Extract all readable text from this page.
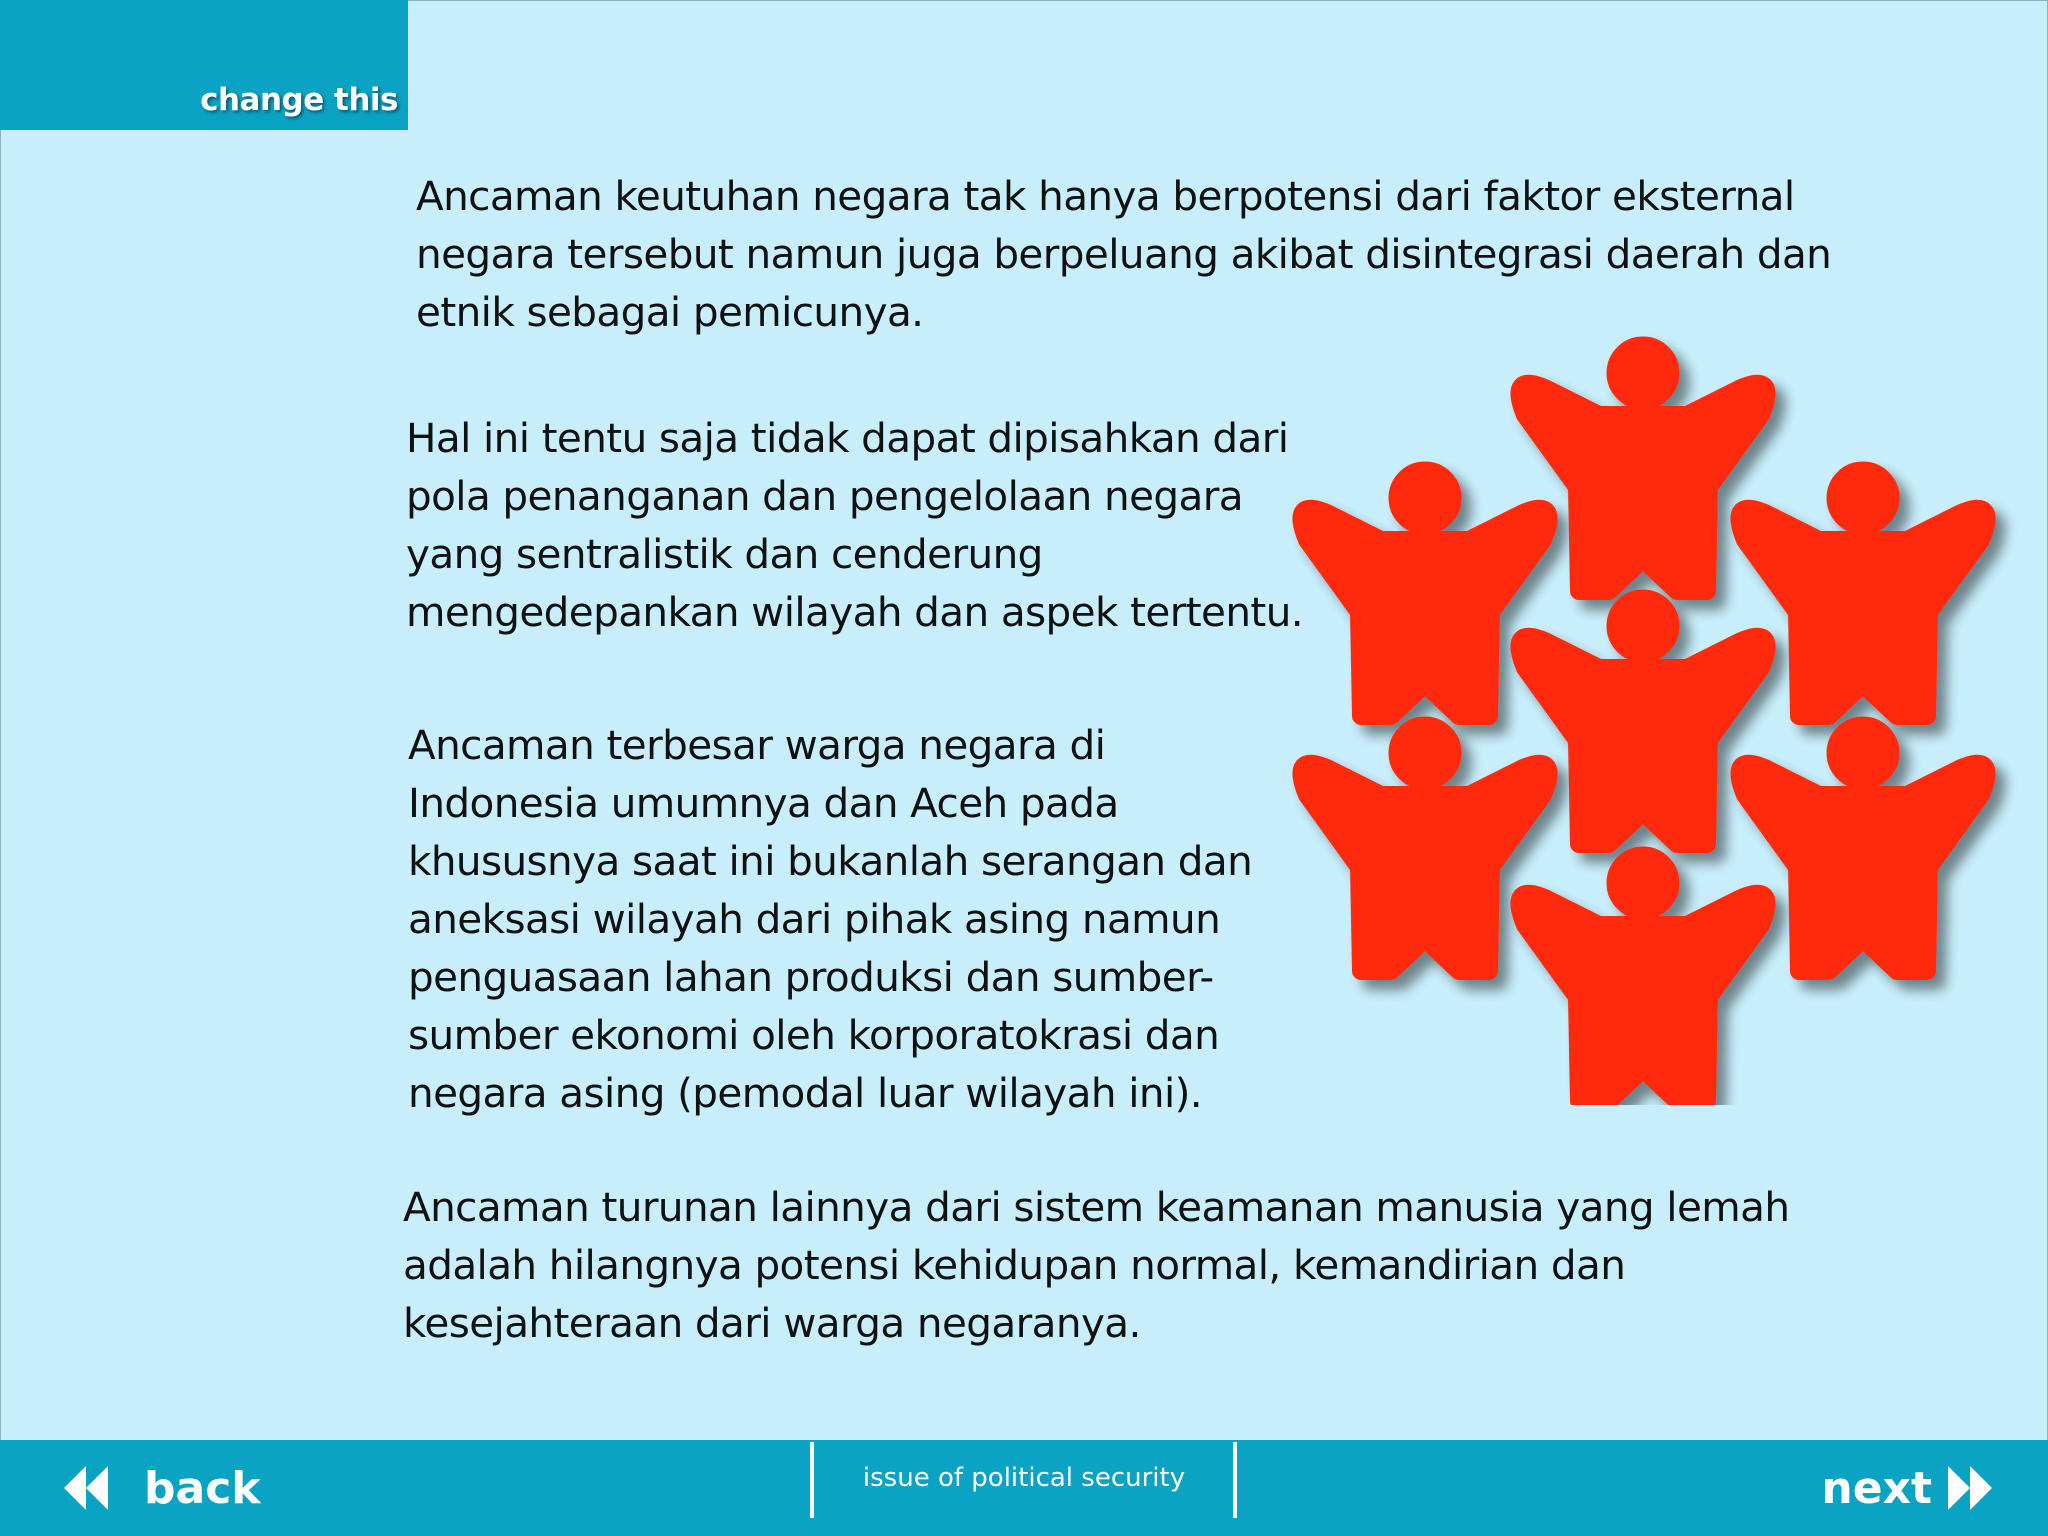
change this

Ancaman keutuhan negara tak hanya berpotensi dari faktor eksternal
negara tersebut namun juga berpeluang akibat disintegrasi daerah dan
etnik sebagai pemicunya.

Hal ini tentu saja tidak dapat dipisahkan dari
pola penanganan dan pengelolaan negara
yang sentralistik dan cenderung
mengedepankan wilayah dan aspek tertentu.

Ancaman terbesar warga negara di
Indonesia umumnya dan Aceh pada
khususnya saat ini bukanlah serangan dan
aneksasi wilayah dari pihak asing namun
penguasaan lahan produksi dan sumber-
sumber ekonomi oleh korporatokrasi dan
negara asing (pemodal luar wilayah ini).

Ancaman turunan lainnya dari sistem keamanan manusia yang lemah
adalah hilangnya potensi kehidupan normal, kemandirian dan
kesejahteraan dari warga negaranya.

back	next
issue of political security
